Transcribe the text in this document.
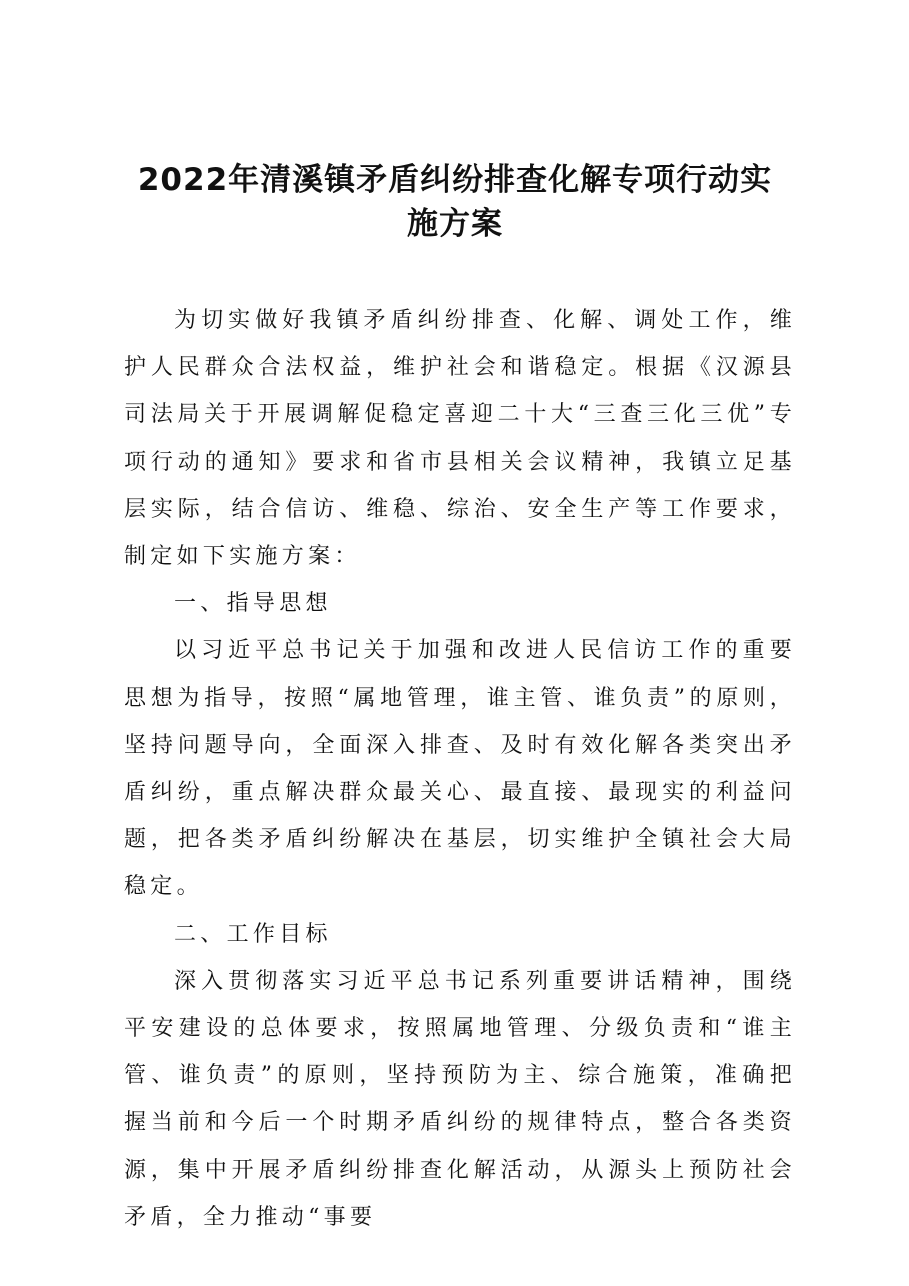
2022年清溪镇矛盾纠纷排查化解专项行动实
施方案

为切实做好我镇矛盾纠纷排查、化解、调处工作，维护人民群众合法权益，维护社会和谐稳定。根据《汉源县司法局关于开展调解促稳定喜迎二十大“三查三化三优”专项行动的通知》要求和省市县相关会议精神，我镇立足基层实际，结合信访、维稳、综治、安全生产等工作要求，制定如下实施方案：

一、指导思想

以习近平总书记关于加强和改进人民信访工作的重要思想为指导，按照“属地管理，谁主管、谁负责”的原则，坚持问题导向，全面深入排查、及时有效化解各类突出矛盾纠纷，重点解决群众最关心、最直接、最现实的利益问题，把各类矛盾纠纷解决在基层，切实维护全镇社会大局稳定。

二、工作目标

深入贯彻落实习近平总书记系列重要讲话精神，围绕平安建设的总体要求，按照属地管理、分级负责和“谁主管、谁负责”的原则，坚持预防为主、综合施策，准确把握当前和今后一个时期矛盾纠纷的规律特点，整合各类资源，集中开展矛盾纠纷排查化解活动，从源头上预防社会矛盾，全力推动“事要
